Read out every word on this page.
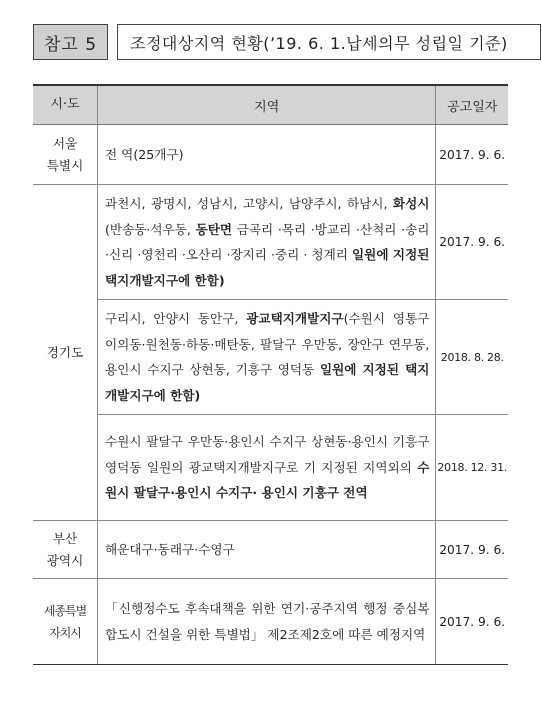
참고 5	조정대상지역 현황(’19. 6. 1.납세의무 성립일 기준)
시·도	지역	공고일자
서울
특별시	전 역(25개구)	2017. 9. 6.
경기도	과천시, 광명시, 성남시, 고양시, 남양주시, 하남시, 화성시(반송동·석우동, 동탄면 금곡리 ·목리 ·방교리 ·산척리 ·송리 ·신리 ·영천리 ·오산리 ·장지리 ·중리 · 청계리 일원에 지정된 택지개발지구에 한함)	2017. 9. 6.
	구리시, 안양시 동안구, 광교택지개발지구(수원시 영통구 이의동·원천동·하동·매탄동, 팔달구 우만동, 장안구 연무동, 용인시 수지구 상현동, 기흥구 영덕동 일원에 지정된 택지개발지구에 한함)	2018. 8. 28.
	수원시 팔달구 우만동·용인시 수지구 상현동·용인시 기흥구 영덕동 일원의 광교택지개발지구로 기 지정된 지역외의 수원시 팔달구·용인시 수지구· 용인시 기흥구 전역	2018. 12. 31.
부산
광역시	해운대구·동래구·수영구	2017. 9. 6.
세종특별
자치시	「신행정수도 후속대책을 위한 연기·공주지역 행정 중심복합도시 건설을 위한 특별법」 제2조제2호에 따른 예정지역	2017. 9. 6.
